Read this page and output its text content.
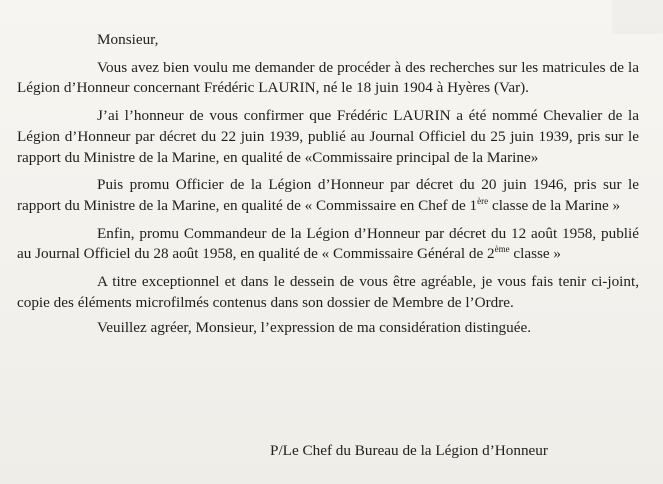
Monsieur,

Vous avez bien voulu me demander de procéder à des recherches sur les matricules de la Légion d’Honneur concernant Frédéric LAURIN, né le 18 juin 1904 à Hyères (Var).

J’ai l’honneur de vous confirmer que Frédéric LAURIN a été nommé Chevalier de la Légion d’Honneur par décret du 22 juin 1939, publié au Journal Officiel du 25 juin 1939, pris sur le rapport du Ministre de la Marine, en qualité de «Commissaire principal de la Marine»

Puis promu Officier de la Légion d’Honneur par décret du 20 juin 1946, pris sur le rapport du Ministre de la Marine, en qualité de « Commissaire en Chef de 1ère classe de la Marine »

Enfin, promu Commandeur de la Légion d’Honneur par décret du 12 août 1958, publié au Journal Officiel du 28 août 1958, en qualité de « Commissaire Général de 2ème classe »

A titre exceptionnel et dans le dessein de vous être agréable, je vous fais tenir ci-joint, copie des éléments microfilmés contenus dans son dossier de Membre de l’Ordre.

Veuillez agréer, Monsieur, l’expression de ma considération distinguée.

P/Le Chef du Bureau de la Légion d’Honneur
